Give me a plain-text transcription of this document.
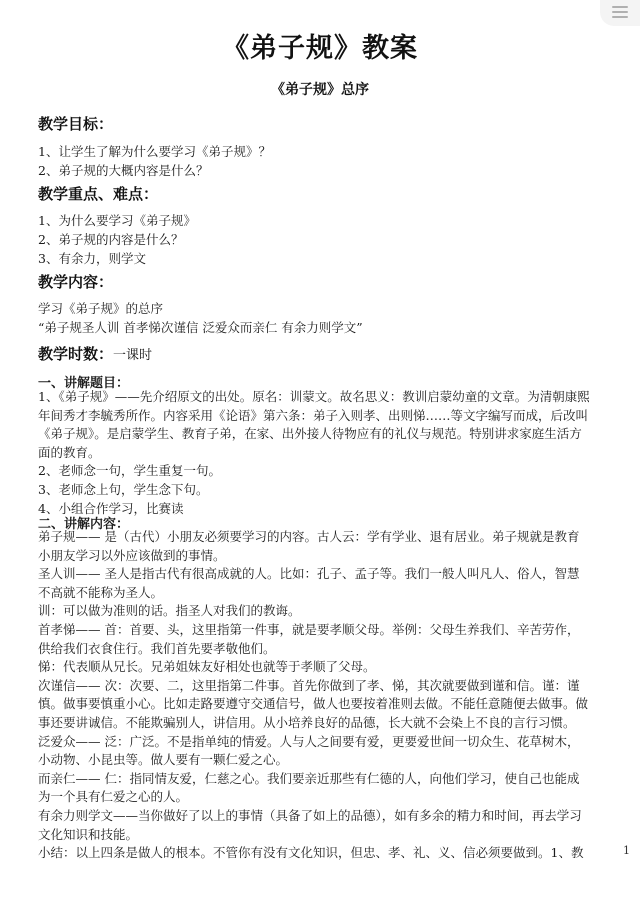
《弟子规》教案
《弟子规》总序
教学目标：
1、让学生了解为什么要学习《弟子规》？
2、弟子规的大概内容是什么？
教学重点、难点：
1、为什么要学习《弟子规》
2、弟子规的内容是什么？
3、有余力，则学文
教学内容：
学习《弟子规》的总序
“弟子规圣人训 首孝悌次谨信 泛爱众而亲仁 有余力则学文”
教学时数：一课时
一、讲解题目：
1、《弟子规》——先介绍原文的出处。原名：训蒙文。故名思义：教训启蒙幼童的文章。为清朝康熙
年间秀才李毓秀所作。内容采用《论语》第六条：弟子入则孝、出则悌……等文字编写而成，后改叫
《弟子规》。是启蒙学生、教育子弟，在家、出外接人待物应有的礼仪与规范。特别讲求家庭生活方
面的教育。
2、老师念一句，学生重复一句。
3、老师念上句，学生念下句。
4、小组合作学习，比赛读
二、讲解内容：
弟子规—— 是（古代）小朋友必须要学习的内容。古人云：学有学业、退有居业。弟子规就是教育
小朋友学习以外应该做到的事情。
圣人训—— 圣人是指古代有很高成就的人。比如：孔子、孟子等。我们一般人叫凡人、俗人，智慧
不高就不能称为圣人。
训：可以做为准则的话。指圣人对我们的教诲。
首孝悌—— 首：首要、头，这里指第一件事，就是要孝顺父母。举例：父母生养我们、辛苦劳作，
供给我们衣食住行。我们首先要孝敬他们。
悌：代表顺从兄长。兄弟姐妹友好相处也就等于孝顺了父母。
次谨信—— 次：次要、二，这里指第二件事。首先你做到了孝、悌，其次就要做到谨和信。谨：谨
慎。做事要慎重小心。比如走路要遵守交通信号，做人也要按着准则去做。不能任意随便去做事。做
事还要讲诚信。不能欺骗别人，讲信用。从小培养良好的品德，长大就不会染上不良的言行习惯。
泛爱众—— 泛：广泛。不是指单纯的情爱。人与人之间要有爱，更要爱世间一切众生、花草树木，
小动物、小昆虫等。做人要有一颗仁爱之心。
而亲仁—— 仁：指同情友爱，仁慈之心。我们要亲近那些有仁德的人，向他们学习，使自己也能成
为一个具有仁爱之心的人。
有余力则学文——当你做好了以上的事情（具备了如上的品德），如有多余的精力和时间，再去学习
文化知识和技能。
小结：以上四条是做人的根本。不管你有没有文化知识，但忠、孝、礼、义、信必须要做到。1、教	1
